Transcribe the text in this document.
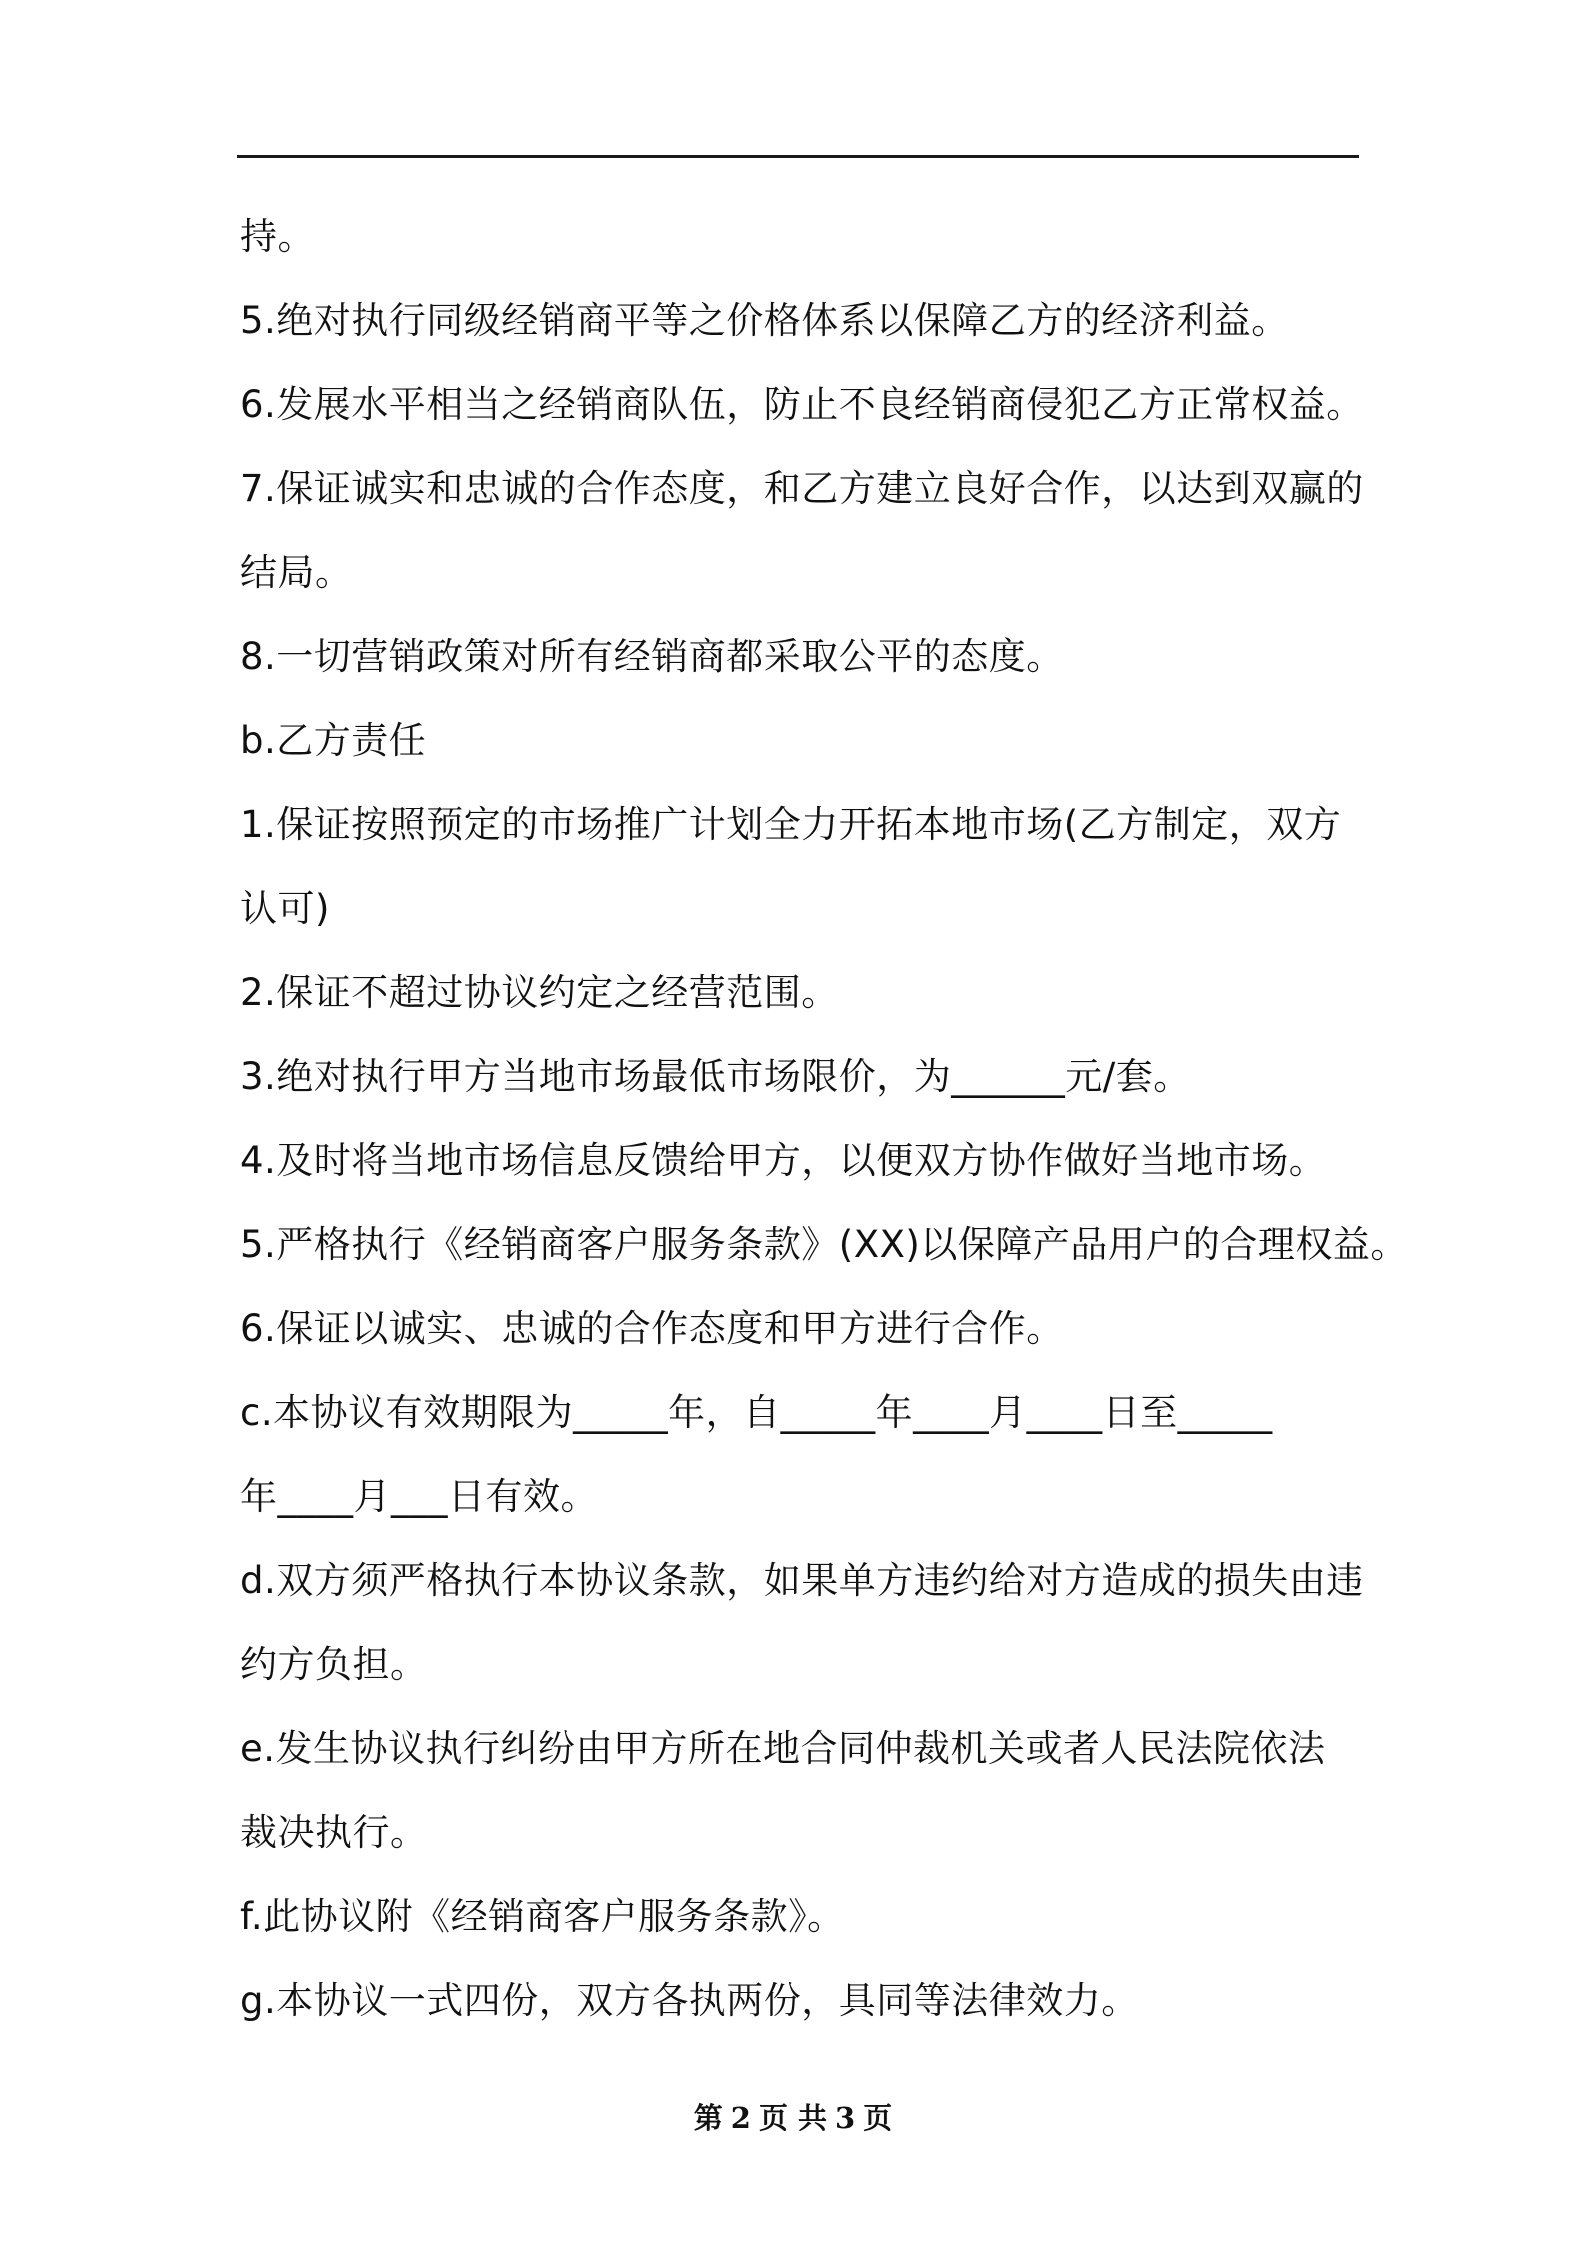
持。
5.绝对执行同级经销商平等之价格体系以保障乙方的经济利益。
6.发展水平相当之经销商队伍，防止不良经销商侵犯乙方正常权益。
7.保证诚实和忠诚的合作态度，和乙方建立良好合作，以达到双赢的
结局。
8.一切营销政策对所有经销商都采取公平的态度。
b.乙方责任
1.保证按照预定的市场推广计划全力开拓本地市场(乙方制定，双方
认可)
2.保证不超过协议约定之经营范围。
3.绝对执行甲方当地市场最低市场限价，为______元/套。
4.及时将当地市场信息反馈给甲方，以便双方协作做好当地市场。
5.严格执行《经销商客户服务条款》(XX)以保障产品用户的合理权益。
6.保证以诚实、忠诚的合作态度和甲方进行合作。
c.本协议有效期限为_____年，自_____年____月____日至_____
年____月___日有效。
d.双方须严格执行本协议条款，如果单方违约给对方造成的损失由违
约方负担。
e.发生协议执行纠纷由甲方所在地合同仲裁机关或者人民法院依法
裁决执行。
f.此协议附《经销商客户服务条款》。
g.本协议一式四份，双方各执两份，具同等法律效力。
第 2 页 共 3 页
